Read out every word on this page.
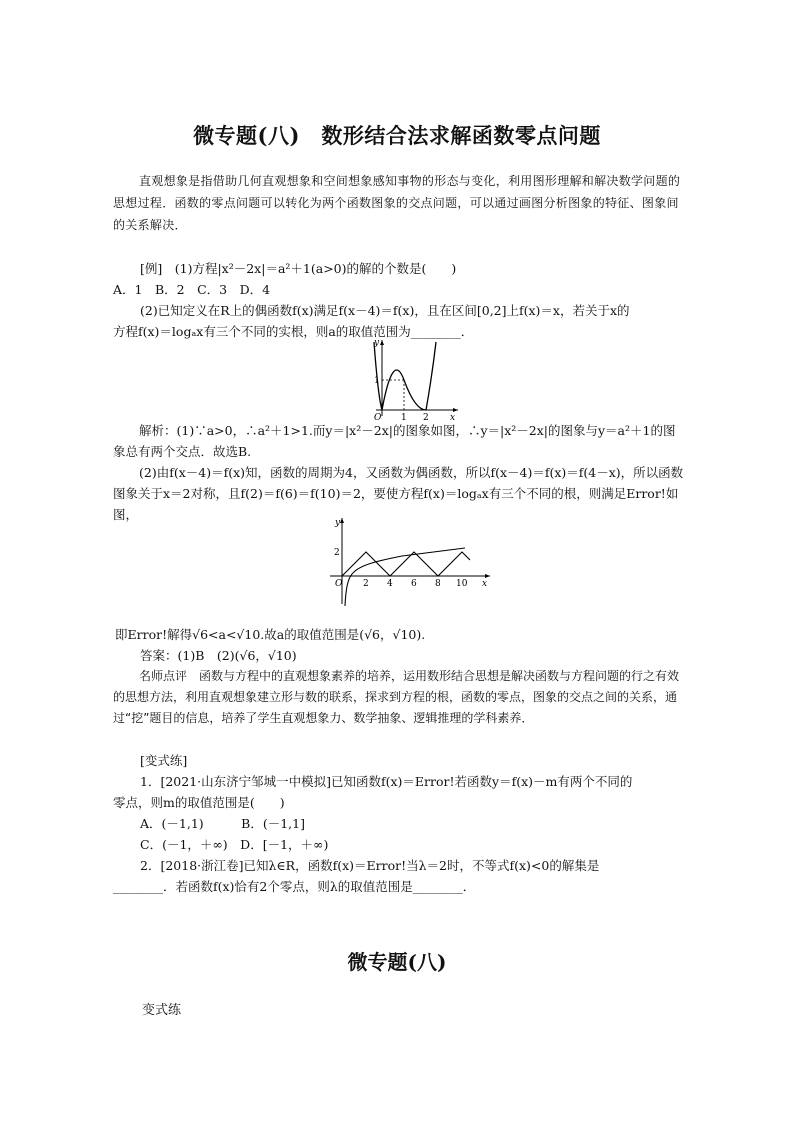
微专题(八)　数形结合法求解函数零点问题

直观想象是指借助几何直观想象和空间想象感知事物的形态与变化，利用图形理解和解决数学问题的思想过程．函数的零点问题可以转化为两个函数图象的交点问题，可以通过画图分析图象的特征、图象间的关系解决．

[例]　(1)方程|x²－2x|＝a²＋1(a>0)的解的个数是(　　)
A．1　B．2　C．3　D．4
(2)已知定义在R上的偶函数f(x)满足f(x－4)＝f(x)，且在区间[0,2]上f(x)＝x，若关于x的
方程f(x)＝logₐx有三个不同的实根，则a的取值范围为________．
y
x
1
O 1 2

解析：(1)∵a>0，∴a²＋1>1.而y＝|x²－2x|的图象如图，∴y＝|x²－2x|的图象与y＝a²＋1的图象总有两个交点．故选B.

(2)由f(x－4)＝f(x)知，函数的周期为4，又函数为偶函数，所以f(x－4)＝f(x)＝f(4－x)，所以函数图象关于x＝2对称，且f(2)＝f(6)＝f(10)＝2，要使方程f(x)＝logₐx有三个不同的根，则满足Error!如图，

y
x
2
O 2 4 6 8 10
即Error!解得√6<a<√10.故a的取值范围是(√6，√10).
答案：(1)B　(2)(√6，√10)

名师点评　函数与方程中的直观想象素养的培养，运用数形结合思想是解决函数与方程问题的行之有效的思想方法，利用直观想象建立形与数的联系，探求到方程的根，函数的零点，图象的交点之间的关系，通过“挖”题目的信息，培养了学生直观想象力、数学抽象、逻辑推理的学科素养．

[变式练]
1．[2021·山东济宁邹城一中模拟]已知函数f(x)＝Error!若函数y＝f(x)－m有两个不同的
零点，则m的取值范围是(　　)
A．(－1,1)　　　B．(－1,1]
C．(－1，＋∞)　D．[－1，＋∞)
2．[2018·浙江卷]已知λ∈R，函数f(x)＝Error!当λ＝2时，不等式f(x)<0的解集是
________．若函数f(x)恰有2个零点，则λ的取值范围是________．
微专题(八)
变式练
